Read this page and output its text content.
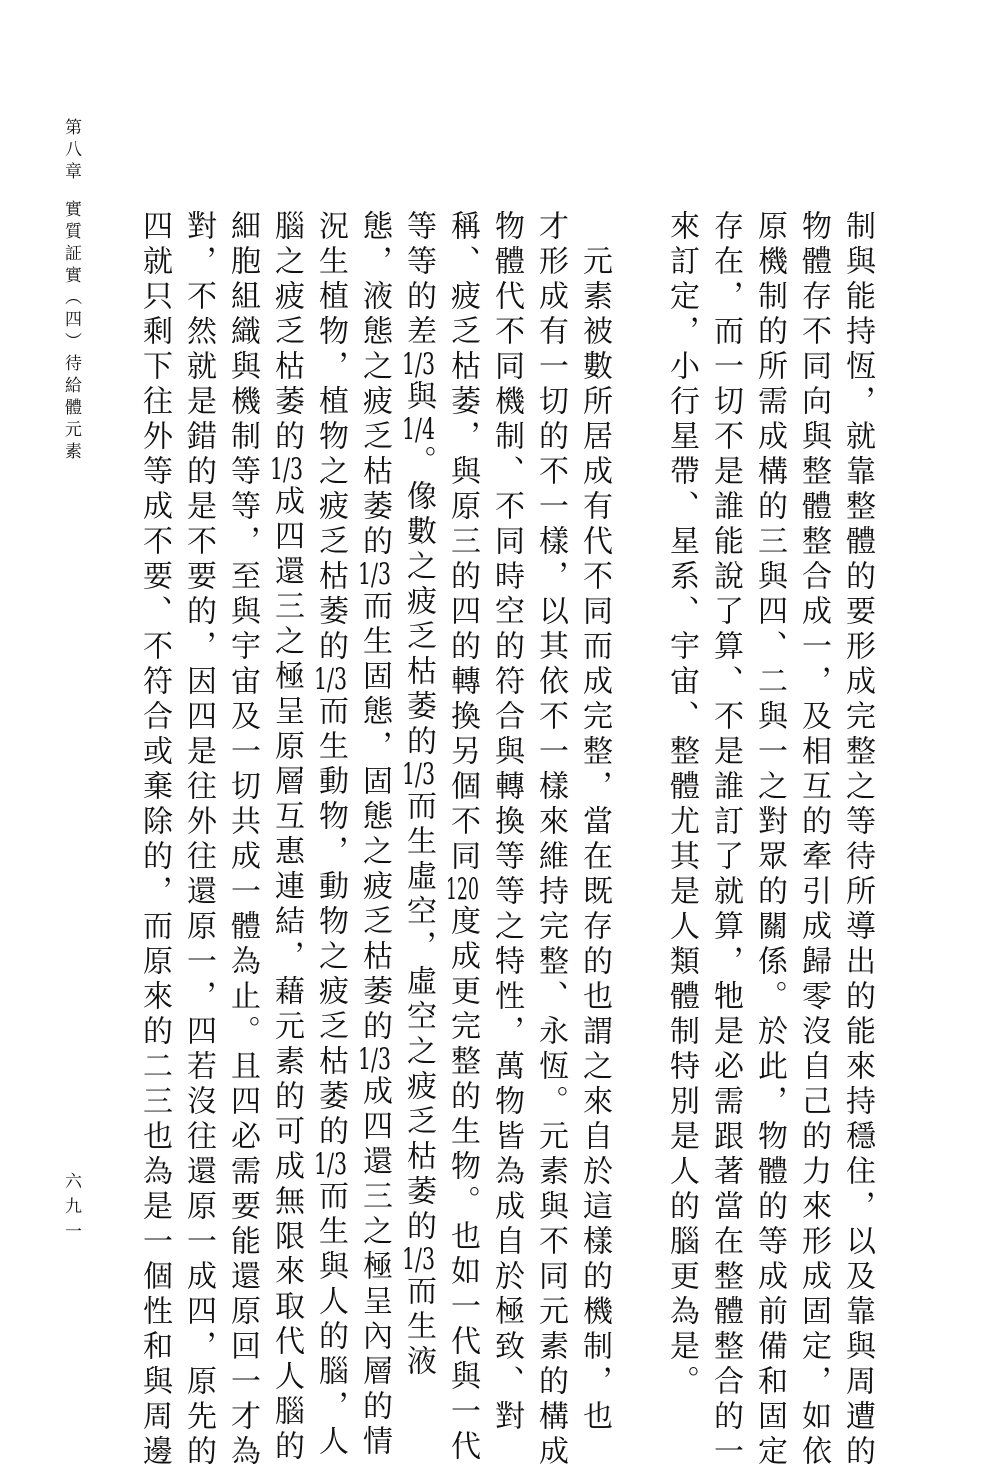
第八章
實質証實（四）待給體元素
六九一	制與能持恆，就靠整體的要形成完整之等待所導出的能來持穩住，以及靠與周遭的
物體存不同向與整體整合成一，及相互的牽引成歸零沒自己的力來形成固定，如依
原機制的所需成構的三與四、二與一之對眾的關係。於此，物體的等成前備和固定
存在，而一切不是誰能說了算、不是誰訂了就算，牠是必需跟著當在整體整合的一
來訂定，小行星帶、星系、宇宙、整體尤其是人類體制特別是人的腦更為是。
　元素被數所居成有代不同而成完整，當在既存的也謂之來自於這樣的機制，也
才形成有一切的不一樣，以其依不一樣來維持完整、永恆。元素與不同元素的構成
物體代不同機制、不同時空的符合與轉換等等之特性，萬物皆為成自於極致、對
稱、疲乏枯萎，與原三的四的轉換另個不同120度成更完整的生物。也如一代與一代
等等的差1/3與1/4。像數之疲乏枯萎的1/3而生虛空，虛空之疲乏枯萎的1/3而生液
態，液態之疲乏枯萎的1/3而生固態，固態之疲乏枯萎的1/3成四還三之極呈內層的情
況生植物，植物之疲乏枯萎的1/3而生動物，動物之疲乏枯萎的1/3而生與人的腦，人
腦之疲乏枯萎的1/3成四還三之極呈原層互惠連結，藉元素的可成無限來取代人腦的
細胞組織與機制等等，至與宇宙及一切共成一體為止。且四必需要能還原回一才為
對，不然就是錯的是不要的，因四是往外往還原一，四若沒往還原一成四，原先的
四就只剩下往外等成不要、不符合或棄除的，而原來的二三也為是一個性和與周邊
